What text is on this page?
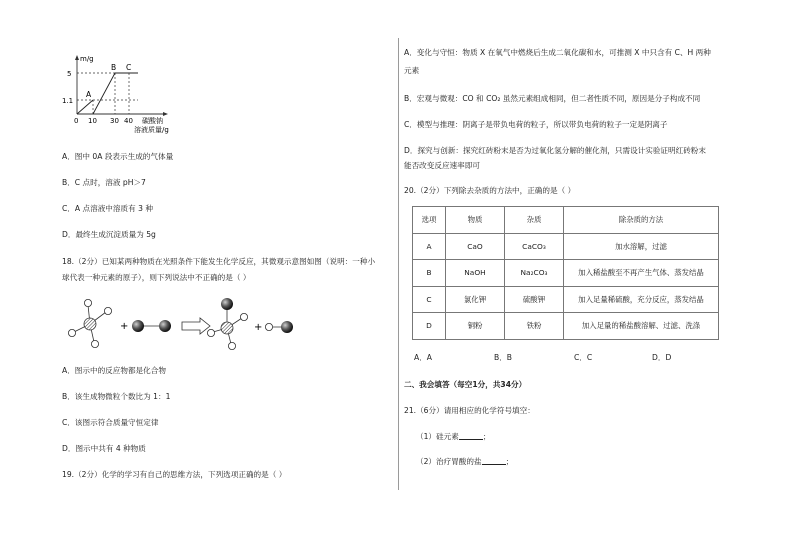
m/g
5
1.1
0 10 30 40
A
B C
碳酸钠
溶液质量/g
A．图中 0A 段表示生成的气体量
B．C 点时，溶液 pH＞7
C．A 点溶液中溶质有 3 种
D．最终生成沉淀质量为 5g
18.（2分）已知某两种物质在光照条件下能发生化学反应，其微观示意图如图（说明：一种小
球代表一种元素的原子），则下列说法中不正确的是（ ）
+	+
A．图示中的反应物都是化合物
B．该生成物微粒个数比为 1：1
C．该图示符合质量守恒定律
D．图示中共有 4 种物质
19.（2分）化学的学习有自己的思维方法，下列选项正确的是（ ）
A．变化与守恒：物质 X 在氧气中燃烧后生成二氧化碳和水，可推测 X 中只含有 C、H 两种
元素
B．宏观与微观：CO 和 CO₂ 虽然元素组成相同，但二者性质不同，原因是分子构成不同
C．模型与推理：阴离子是带负电荷的粒子，所以带负电荷的粒子一定是阴离子
D．探究与创新：探究红砖粉末是否为过氧化氢分解的催化剂，只需设计实验证明红砖粉末
能否改变反应速率即可
20.（2分）下列除去杂质的方法中，正确的是（ ）
选项	物质	杂质	除杂质的方法
A	CaO	CaCO₃	加水溶解，过滤
B	NaOH	Na₂CO₃	加入稀盐酸至不再产生气体、蒸发结晶
C	氯化钾	硫酸钾	加入足量稀硫酸，充分反应，蒸发结晶
D	铜粉	铁粉	加入足量的稀盐酸溶解、过滤、洗涤
A．A	B．B	C．C	D．D
二、我会填答（每空1分，共34分）
21.（6分）请用相应的化学符号填空：
（1）硅元素	；
（2）治疗胃酸的盐	；
